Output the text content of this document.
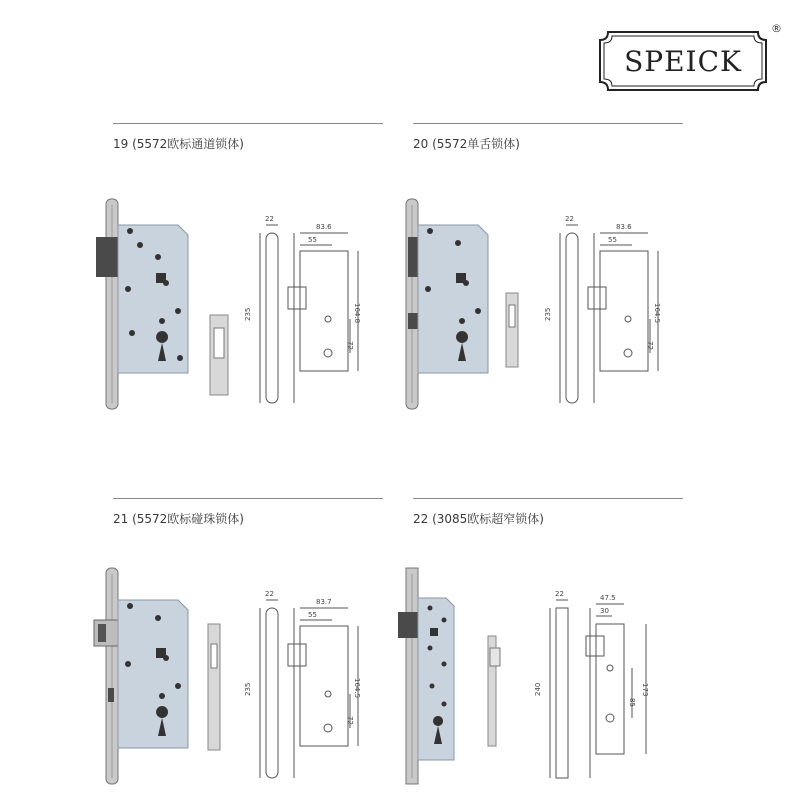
SPEICK
®
19 (5572欧标通道锁体)
22
235
83.6
55
72
164.8
20 (5572单舌锁体)
22
235
83.6
55
72
164.5
21 (5572欧标碰珠锁体)
22
235
83.7
55
72
164.5
22 (3085欧标超窄锁体)
22
240
47.5
30
85
173
